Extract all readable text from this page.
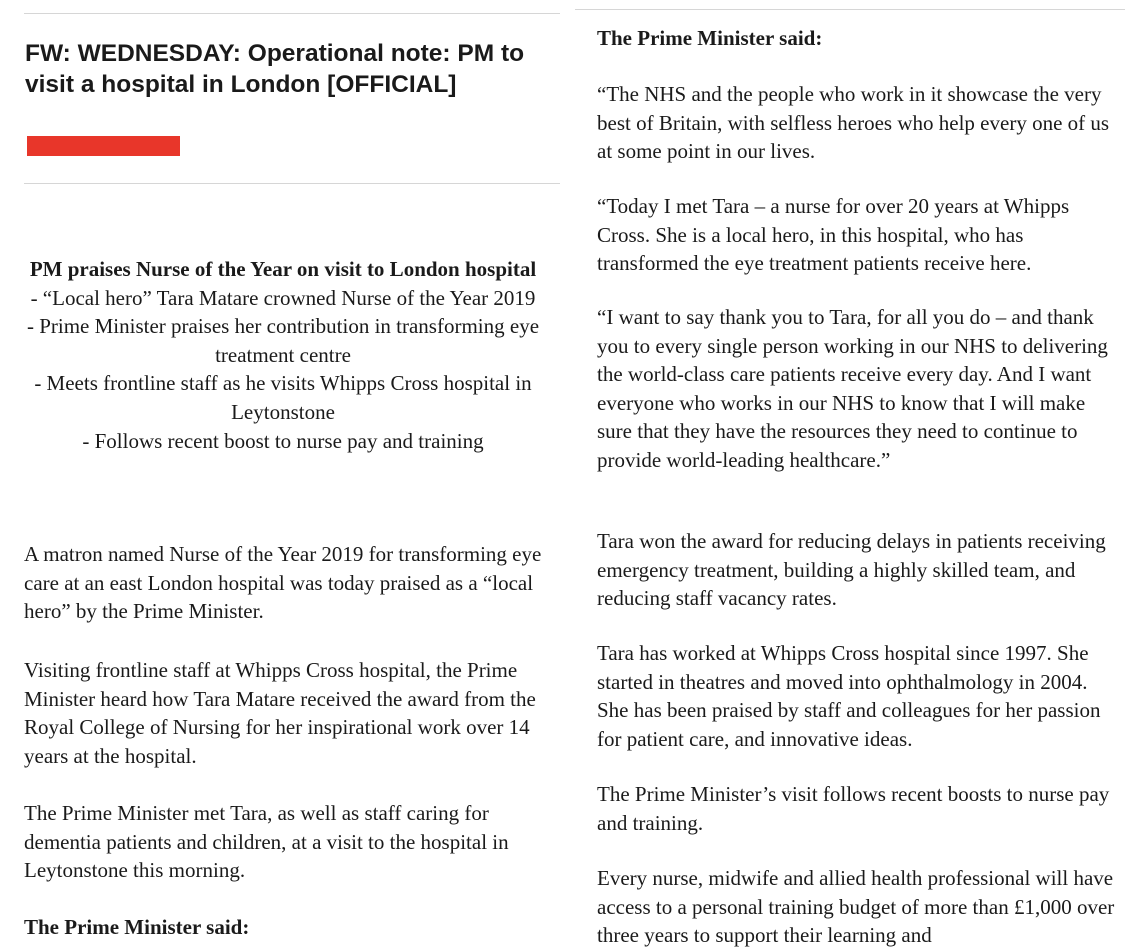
FW: WEDNESDAY: Operational note: PM to visit a hospital in London [OFFICIAL]

PM praises Nurse of the Year on visit to London hospital

- “Local hero” Tara Matare crowned Nurse of the Year 2019

- Prime Minister praises her contribution in transforming eye treatment centre

- Meets frontline staff as he visits Whipps Cross hospital in Leytonstone

- Follows recent boost to nurse pay and training

A matron named Nurse of the Year 2019 for transforming eye care at an east London hospital was today praised as a “local hero” by the Prime Minister.

Visiting frontline staff at Whipps Cross hospital, the Prime Minister heard how Tara Matare received the award from the Royal College of Nursing for her inspirational work over 14 years at the hospital.

The Prime Minister met Tara, as well as staff caring for dementia patients and children, at a visit to the hospital in Leytonstone this morning.

The Prime Minister said:

The Prime Minister said:

“The NHS and the people who work in it showcase the very best of Britain, with selfless heroes who help every one of us at some point in our lives.

“Today I met Tara – a nurse for over 20 years at Whipps Cross. She is a local hero, in this hospital, who has transformed the eye treatment patients receive here.

“I want to say thank you to Tara, for all you do – and thank you to every single person working in our NHS to delivering the world-class care patients receive every day. And I want everyone who works in our NHS to know that I will make sure that they have the resources they need to continue to provide world-leading healthcare.”

Tara won the award for reducing delays in patients receiving emergency treatment, building a highly skilled team, and reducing staff vacancy rates.

Tara has worked at Whipps Cross hospital since 1997. She started in theatres and moved into ophthalmology in 2004. She has been praised by staff and colleagues for her passion for patient care, and innovative ideas.

The Prime Minister’s visit follows recent boosts to nurse pay and training.

Every nurse, midwife and allied health professional will have access to a personal training budget of more than £1,000 over three years to support their learning and
